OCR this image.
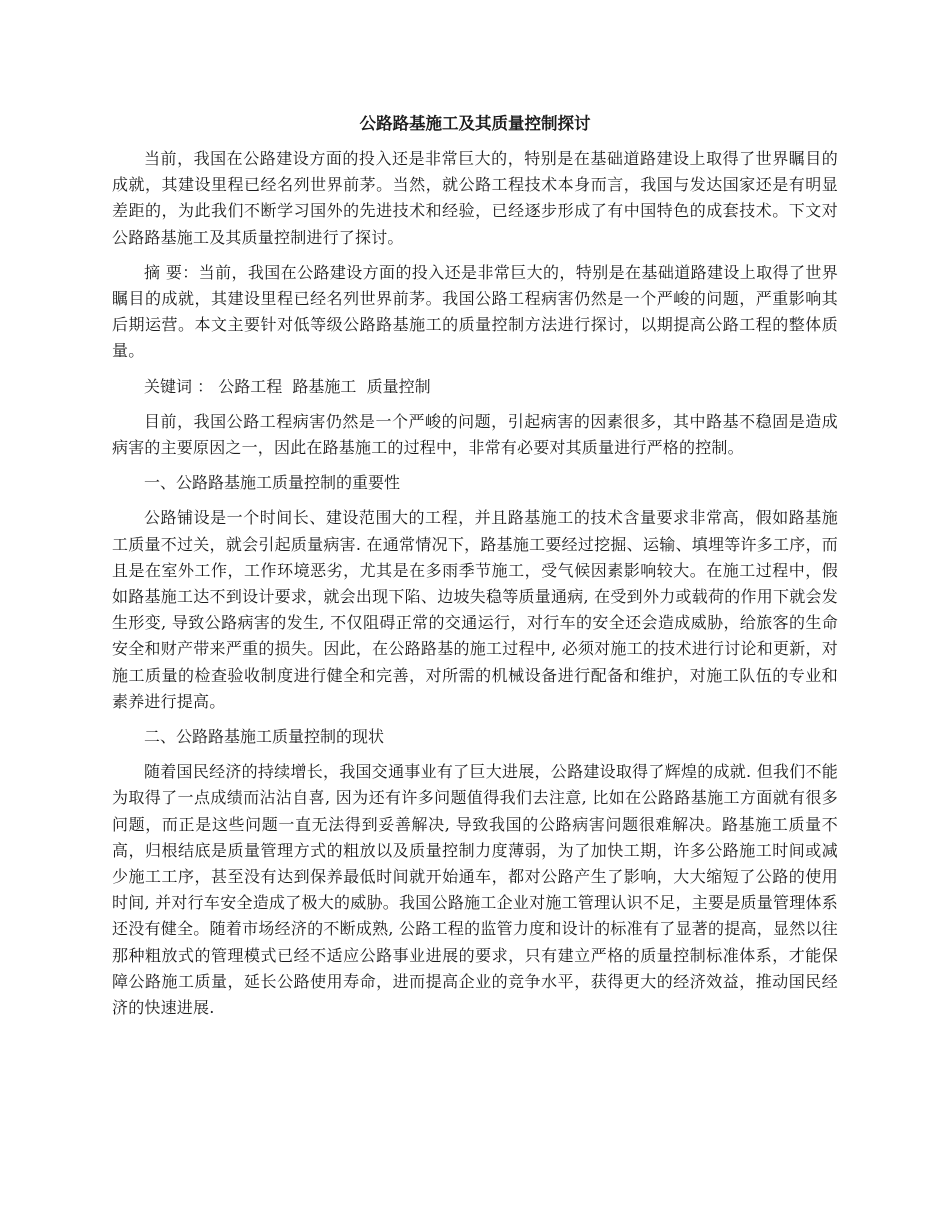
公路路基施工及其质量控制探讨

当前，我国在公路建设方面的投入还是非常巨大的，特别是在基础道路建设上取得了世界瞩目的成就，其建设里程已经名列世界前茅。当然，就公路工程技术本身而言，我国与发达国家还是有明显差距的，为此我们不断学习国外的先进技术和经验，已经逐步形成了有中国特色的成套技术。下文对公路路基施工及其质量控制进行了探讨。

摘 要：当前，我国在公路建设方面的投入还是非常巨大的，特别是在基础道路建设上取得了世界瞩目的成就，其建设里程已经名列世界前茅。我国公路工程病害仍然是一个严峻的问题，严重影响其后期运营。本文主要针对低等级公路路基施工的质量控制方法进行探讨，以期提高公路工程的整体质量。

关键词 ： 公路工程 路基施工 质量控制

目前，我国公路工程病害仍然是一个严峻的问题，引起病害的因素很多，其中路基不稳固是造成病害的主要原因之一，因此在路基施工的过程中，非常有必要对其质量进行严格的控制。

一、公路路基施工质量控制的重要性

公路铺设是一个时间长、建设范围大的工程，并且路基施工的技术含量要求非常高，假如路基施工质量不过关，就会引起质量病害. 在通常情况下，路基施工要经过挖掘、运输、填埋等许多工序，而且是在室外工作，工作环境恶劣，尤其是在多雨季节施工，受气候因素影响较大。在施工过程中，假如路基施工达不到设计要求，就会出现下陷、边坡失稳等质量通病, 在受到外力或载荷的作用下就会发生形变, 导致公路病害的发生, 不仅阻碍正常的交通运行，对行车的安全还会造成威胁，给旅客的生命安全和财产带来严重的损失。因此，在公路路基的施工过程中, 必须对施工的技术进行讨论和更新，对施工质量的检查验收制度进行健全和完善，对所需的机械设备进行配备和维护，对施工队伍的专业和素养进行提高。

二、公路路基施工质量控制的现状

随着国民经济的持续增长，我国交通事业有了巨大进展，公路建设取得了辉煌的成就. 但我们不能为取得了一点成绩而沾沾自喜, 因为还有许多问题值得我们去注意, 比如在公路路基施工方面就有很多问题，而正是这些问题一直无法得到妥善解决, 导致我国的公路病害问题很难解决。路基施工质量不高，归根结底是质量管理方式的粗放以及质量控制力度薄弱，为了加快工期，许多公路施工时间或减少施工工序，甚至没有达到保养最低时间就开始通车，都对公路产生了影响，大大缩短了公路的使用时间, 并对行车安全造成了极大的威胁。我国公路施工企业对施工管理认识不足，主要是质量管理体系还没有健全。随着市场经济的不断成熟, 公路工程的监管力度和设计的标准有了显著的提高，显然以往那种粗放式的管理模式已经不适应公路事业进展的要求，只有建立严格的质量控制标准体系，才能保障公路施工质量，延长公路使用寿命，进而提高企业的竞争水平，获得更大的经济效益，推动国民经济的快速进展.
